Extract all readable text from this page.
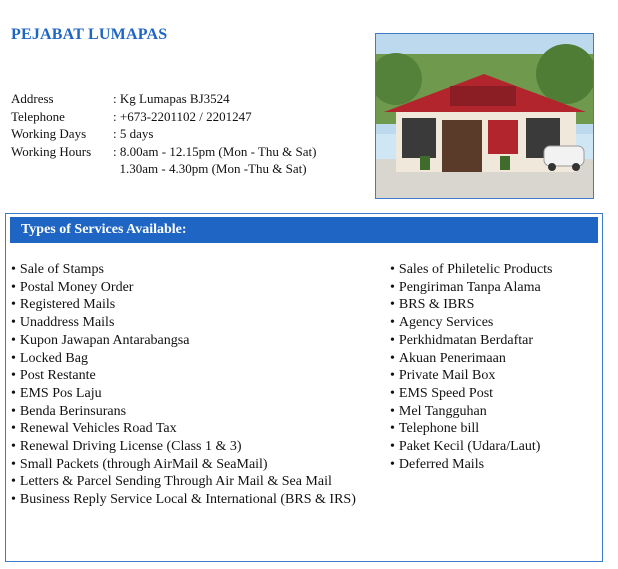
PEJABAT LUMAPAS
Address	: Kg Lumapas BJ3524
Telephone	: +673-2201102 / 2201247
Working Days	: 5 days
Working Hours	: 8.00am - 12.15pm (Mon - Thu & Sat)
1.30am - 4.30pm (Mon -Thu & Sat)
Types of Services Available:
• Sale of Stamps
• Postal Money Order
• Registered Mails
• Unaddress Mails
• Kupon Jawapan Antarabangsa
• Locked Bag
• Post Restante
• EMS Pos Laju
• Benda Berinsurans
• Renewal Vehicles Road Tax
• Renewal Driving License (Class 1 & 3)
• Small Packets (through AirMail & SeaMail)
• Letters & Parcel Sending Through Air Mail & Sea Mail
• Business Reply Service Local & International (BRS & IRS)
• Sales of Philetelic Products
• Pengiriman Tanpa Alama
• BRS & IBRS
• Agency Services
• Perkhidmatan Berdaftar
• Akuan Penerimaan
• Private Mail Box
• EMS Speed Post
• Mel Tangguhan
• Telephone bill
• Paket Kecil (Udara/Laut)
• Deferred Mails
